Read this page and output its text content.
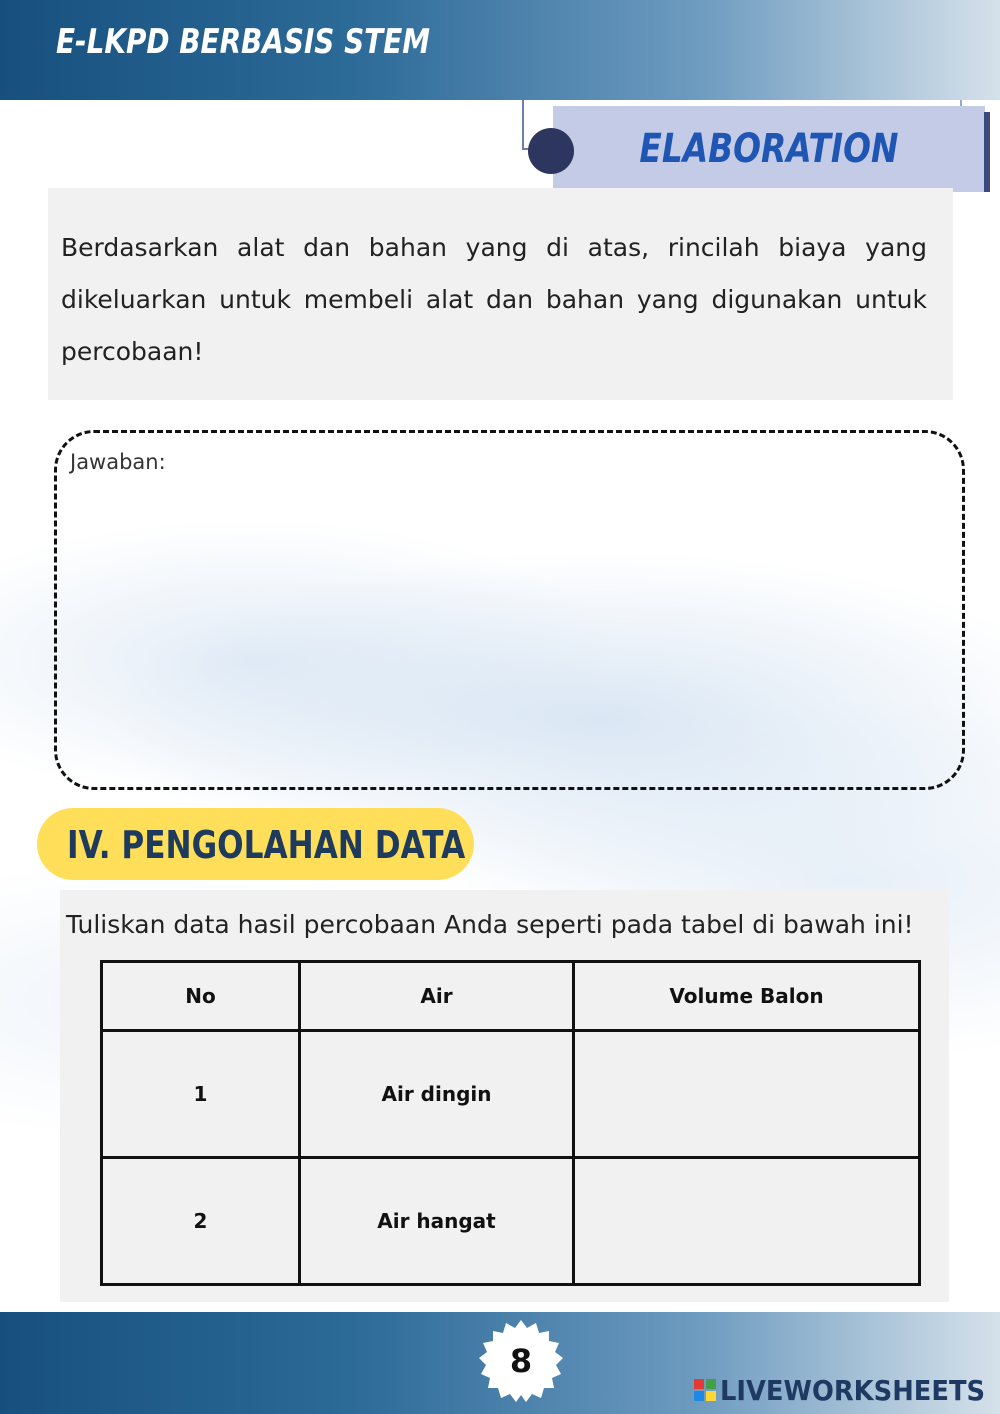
E-LKPD BERBASIS STEM
ELABORATION

Berdasarkan alat dan bahan yang di atas, rincilah biaya yang dikeluarkan untuk membeli alat dan bahan yang digunakan untuk percobaan!

Jawaban:
IV. PENGOLAHAN DATA
Tuliskan data hasil percobaan Anda seperti pada tabel di bawah ini!
No	Air	Volume Balon
1	Air dingin	
2	Air hangat	
8
LIVEWORKSHEETS
